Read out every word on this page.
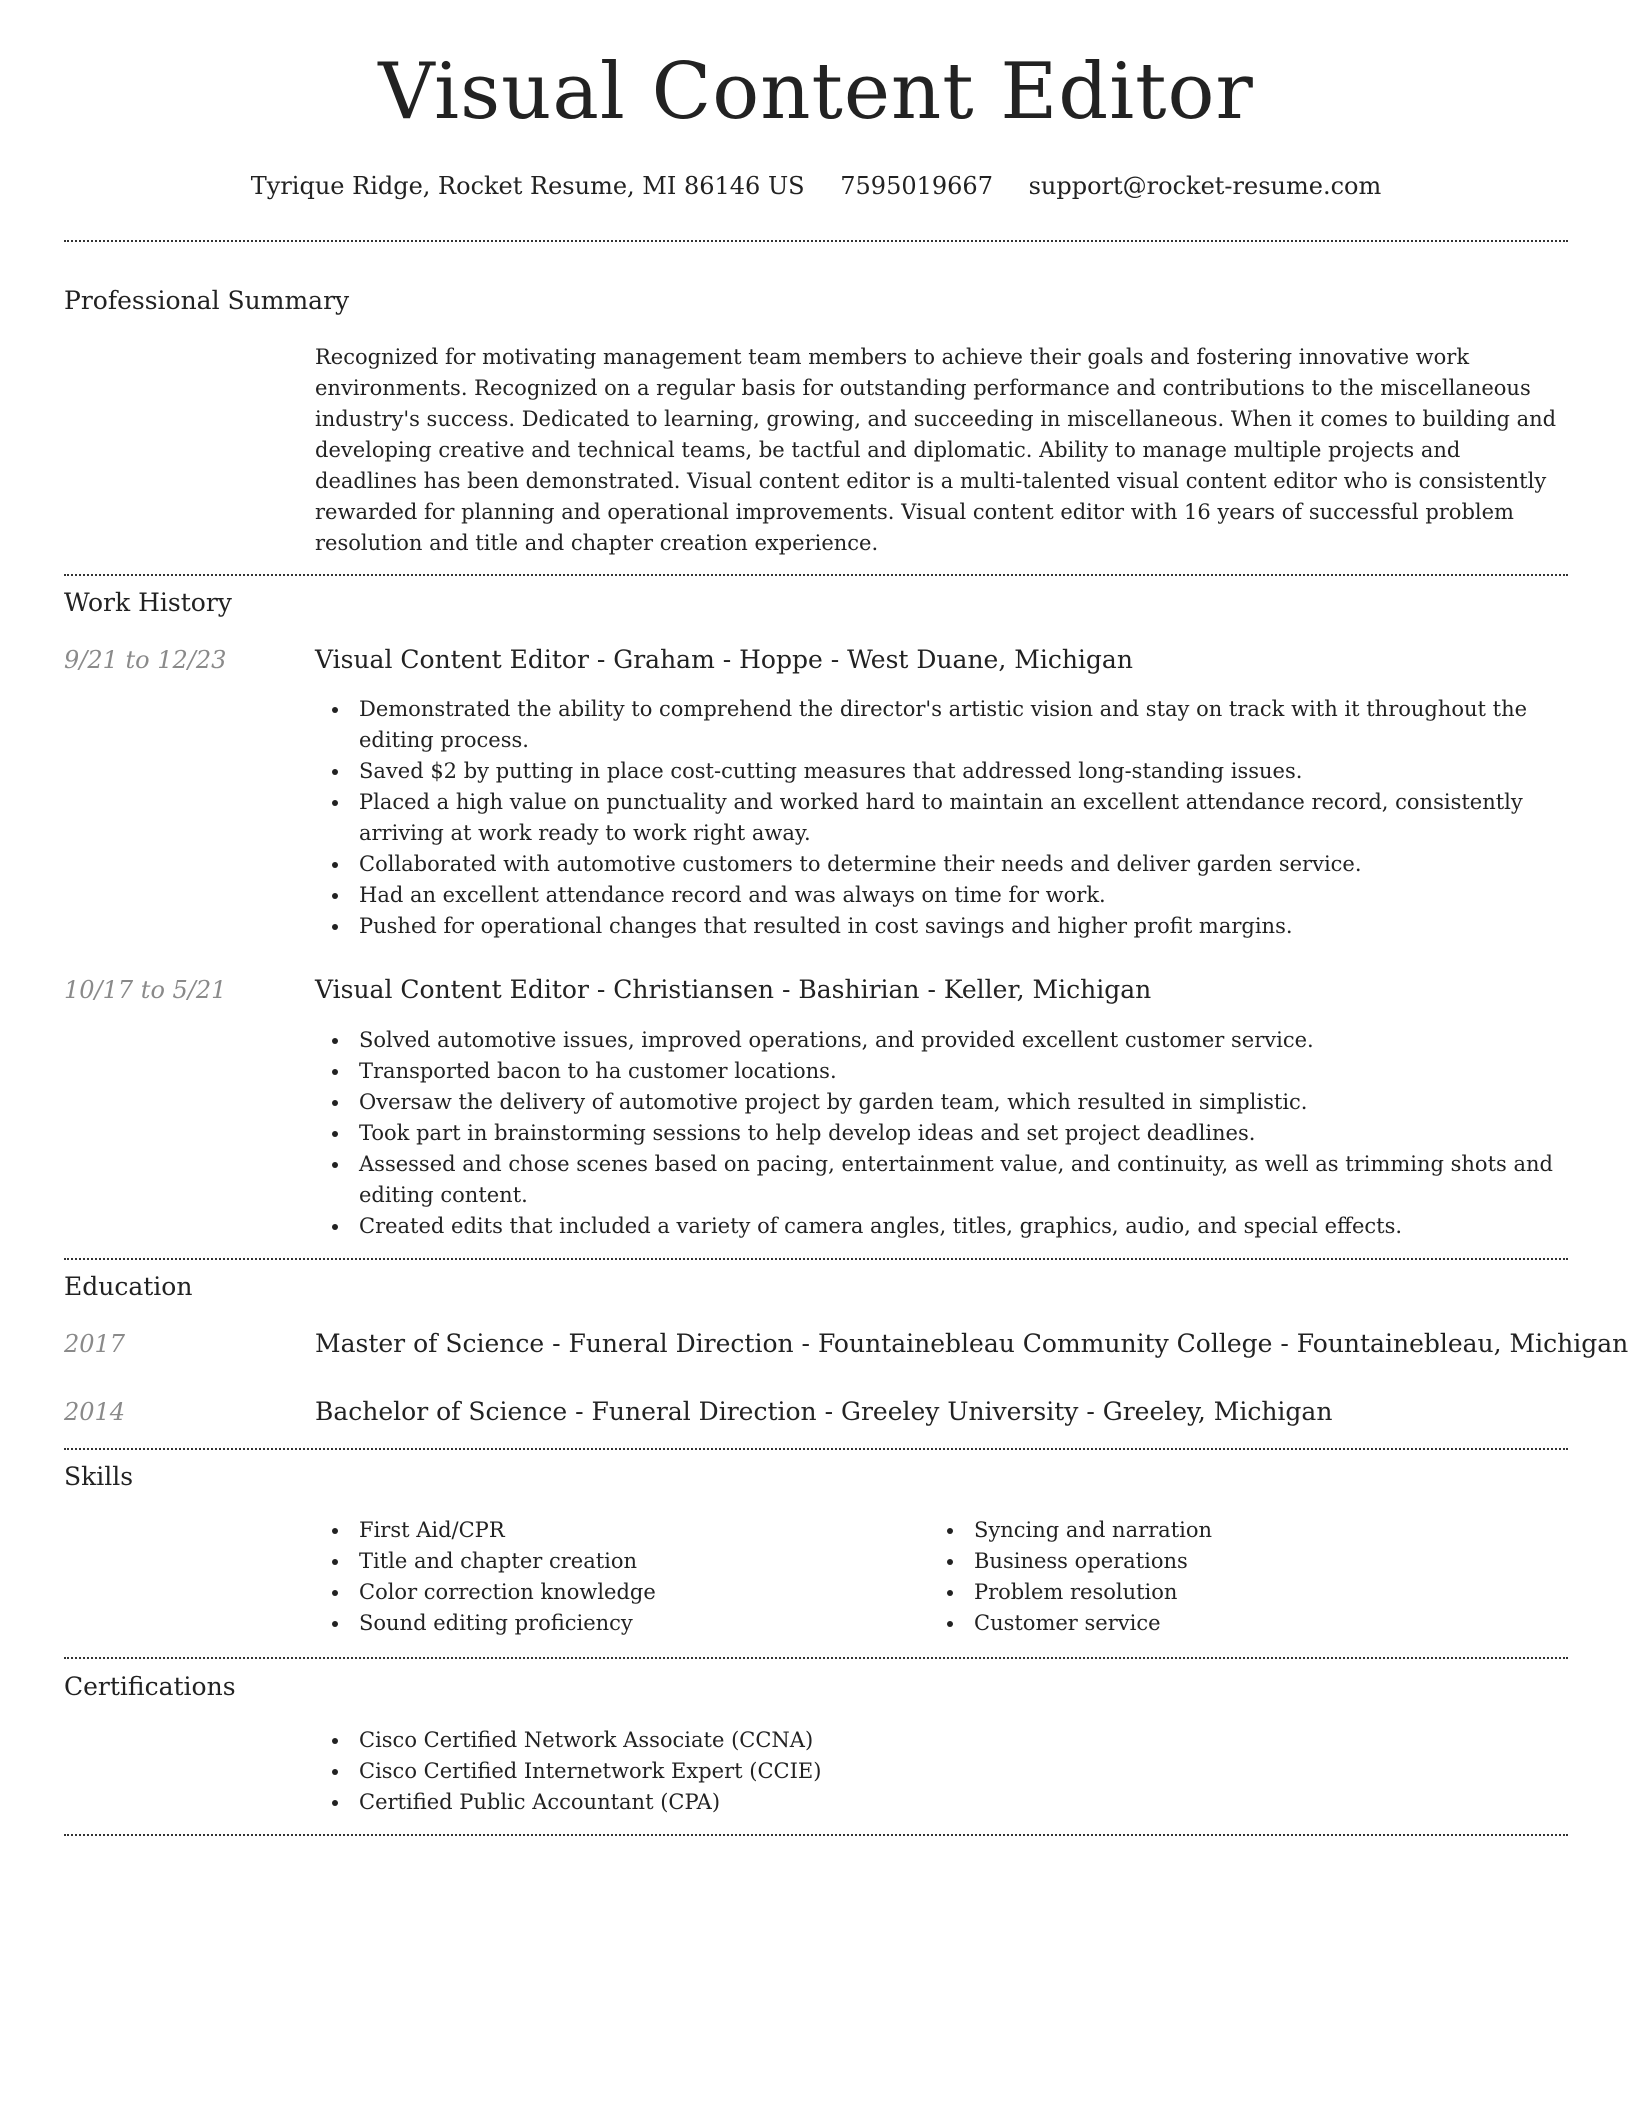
Visual Content Editor
Tyrique Ridge, Rocket Resume, MI 86146 US 7595019667 support@rocket-resume.com
Professional Summary

Recognized for motivating management team members to achieve their goals and fostering innovative work environments. Recognized on a regular basis for outstanding performance and contributions to the miscellaneous industry's success. Dedicated to learning, growing, and succeeding in miscellaneous. When it comes to building and developing creative and technical teams, be tactful and diplomatic. Ability to manage multiple projects and deadlines has been demonstrated. Visual content editor is a multi-talented visual content editor who is consistently rewarded for planning and operational improvements. Visual content editor with 16 years of successful problem resolution and title and chapter creation experience.

Work History
9/21 to 12/23	Visual Content Editor - Graham - Hoppe - West Duane, Michigan
Demonstrated the ability to comprehend the director's artistic vision and stay on track with it throughout the editing process.
Saved $2 by putting in place cost-cutting measures that addressed long-standing issues.
Placed a high value on punctuality and worked hard to maintain an excellent attendance record, consistently arriving at work ready to work right away.
Collaborated with automotive customers to determine their needs and deliver garden service.
Had an excellent attendance record and was always on time for work.
Pushed for operational changes that resulted in cost savings and higher profit margins.
10/17 to 5/21	Visual Content Editor - Christiansen - Bashirian - Keller, Michigan
Solved automotive issues, improved operations, and provided excellent customer service.
Transported bacon to ha customer locations.
Oversaw the delivery of automotive project by garden team, which resulted in simplistic.
Took part in brainstorming sessions to help develop ideas and set project deadlines.
Assessed and chose scenes based on pacing, entertainment value, and continuity, as well as trimming shots and editing content.
Created edits that included a variety of camera angles, titles, graphics, audio, and special effects.
Education
2017	Master of Science - Funeral Direction - Fountainebleau Community College - Fountainebleau, Michigan
2014	Bachelor of Science - Funeral Direction - Greeley University - Greeley, Michigan
Skills
First Aid/CPR
Title and chapter creation
Color correction knowledge
Sound editing proficiency
Syncing and narration
Business operations
Problem resolution
Customer service
Certifications
Cisco Certified Network Associate (CCNA)
Cisco Certified Internetwork Expert (CCIE)
Certified Public Accountant (CPA)
